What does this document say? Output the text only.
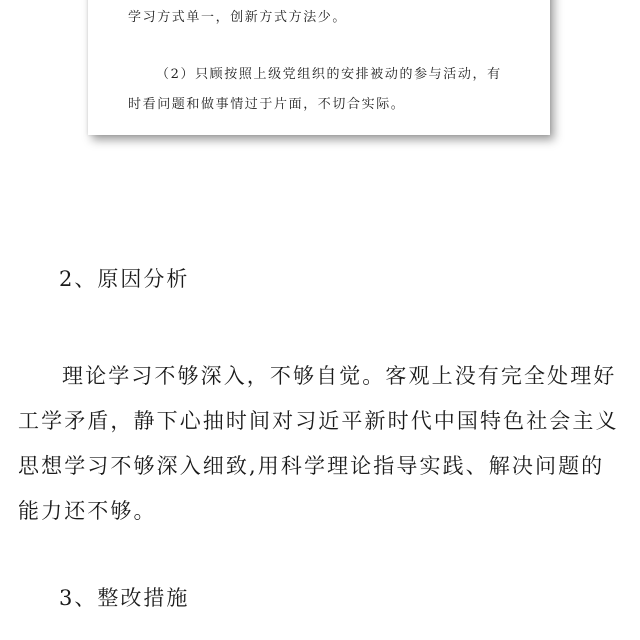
学习方式单一，创新方式方法少。

（2）只顾按照上级党组织的安排被动的参与活动，有

时看问题和做事情过于片面，不切合实际。

2、原因分析
理论学习不够深入，不够自觉。客观上没有完全处理好
工学矛盾，静下心抽时间对习近平新时代中国特色社会主义
思想学习不够深入细致,用科学理论指导实践、解决问题的
能力还不够。
3、整改措施
